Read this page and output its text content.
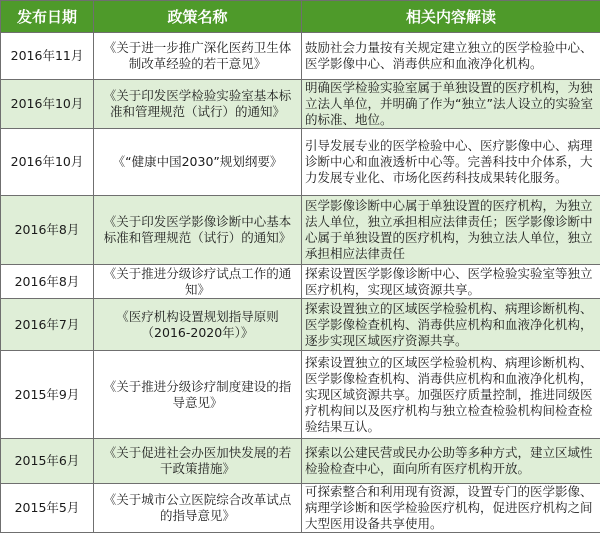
发布日期	政策名称	相关内容解读
2016年11月	《关于进一步推广深化医药卫生体制改革经验的若干意见》	鼓励社会力量按有关规定建立独立的医学检验中心、医学影像中心、消毒供应和血液净化机构。
2016年10月	《关于印发医学检验实验室基本标准和管理规范（试行）的通知》	明确医学检验实验室属于单独设置的医疗机构，为独立法人单位，并明确了作为“独立”法人设立的实验室的标准、地位。
2016年10月	《“健康中国2030”规划纲要》	引导发展专业的医学检验中心、医疗影像中心、病理诊断中心和血液透析中心等。完善科技中介体系，大力发展专业化、市场化医药科技成果转化服务。
2016年8月	《关于印发医学影像诊断中心基本标准和管理规范（试行）的通知》	医学影像诊断中心属于单独设置的医疗机构，为独立法人单位，独立承担相应法律责任；医学影像诊断中心属于单独设置的医疗机构，为独立法人单位，独立承担相应法律责任
2016年8月	《关于推进分级诊疗试点工作的通知》	探索设置医学影像诊断中心、医学检验实验室等独立医疗机构，实现区域资源共享。
2016年7月	《医疗机构设置规划指导原则（2016-2020年）》	探索设置独立的区域医学检验机构、病理诊断机构、医学影像检查机构、消毒供应机构和血液净化机构，逐步实现区域医疗资源共享。
2015年9月	《关于推进分级诊疗制度建设的指导意见》	探索设置独立的区域医学检验机构、病理诊断机构、医学影像检查机构、消毒供应机构和血液净化机构，实现区域资源共享。加强医疗质量控制，推进同级医疗机构间以及医疗机构与独立检查检验机构间检查检验结果互认。
2015年6月	《关于促进社会办医加快发展的若干政策措施》	探索以公建民营或民办公助等多种方式，建立区域性检验检查中心，面向所有医疗机构开放。
2015年5月	《关于城市公立医院综合改革试点的指导意见》	可探索整合和利用现有资源，设置专门的医学影像、病理学诊断和医学检验医疗机构，促进医疗机构之间大型医用设备共享使用。
